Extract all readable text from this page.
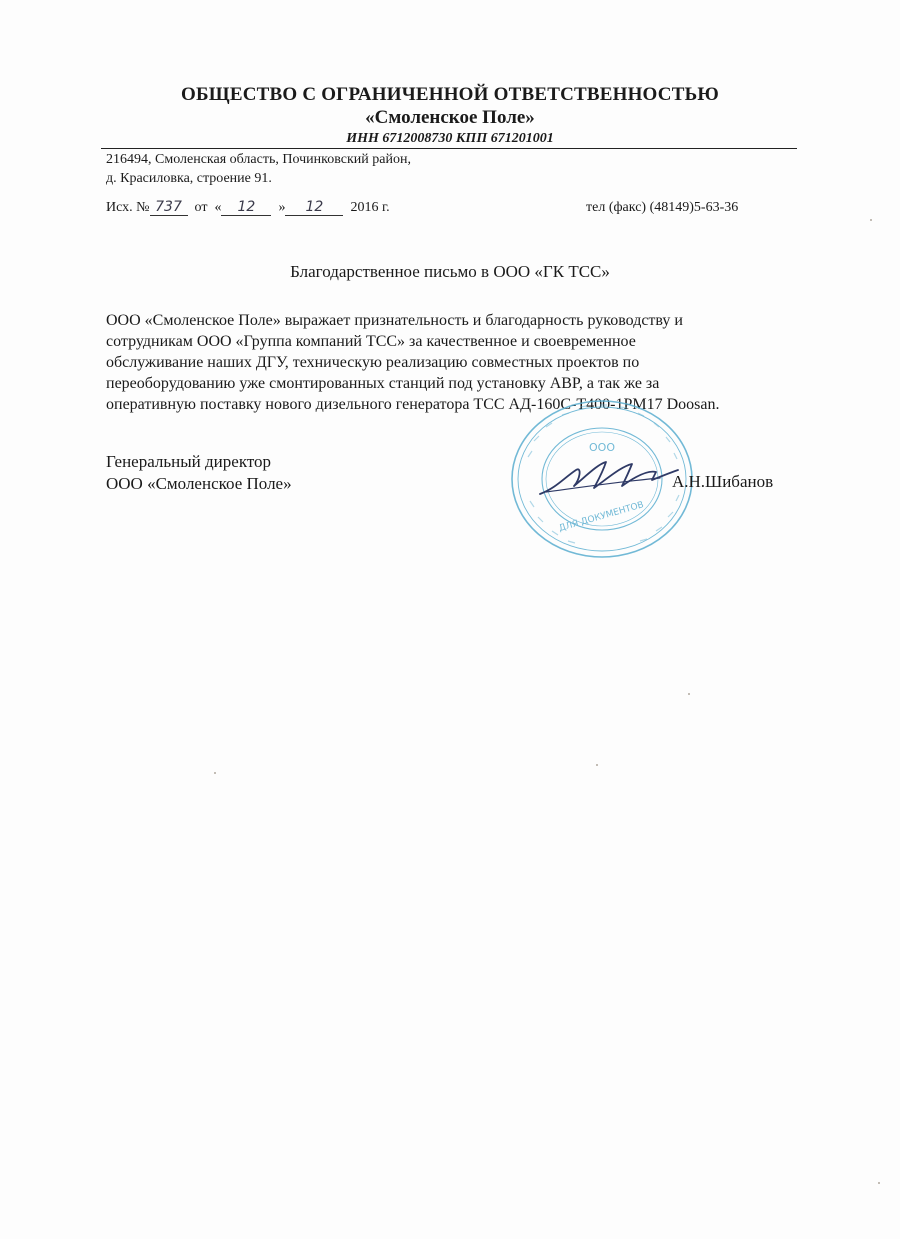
ОБЩЕСТВО С ОГРАНИЧЕННОЙ ОТВЕТСТВЕННОСТЬЮ
«Смоленское Поле»
ИНН 6712008730 КПП 671201001
216494, Смоленская область, Починковский район,
д. Красиловка, строение 91.
Исх. № 737 от « 12 » 12 2016 г.	тел (факс) (48149)5-63-36
Благодарственное письмо в ООО «ГК ТСС»
ООО «Смоленское Поле» выражает признательность и благодарность руководству и
сотрудникам ООО «Группа компаний ТСС» за качественное и своевременное
обслуживание наших ДГУ, техническую реализацию совместных проектов по
переоборудованию уже смонтированных станций под установку АВР, а так же за
оперативную поставку нового дизельного генератора ТСС АД-160С-Т400-1РМ17 Doosan.
ООО
ДЛЯ ДОКУМЕНТОВ
Генеральный директор
ООО «Смоленское Поле»	А.Н.Шибанов
